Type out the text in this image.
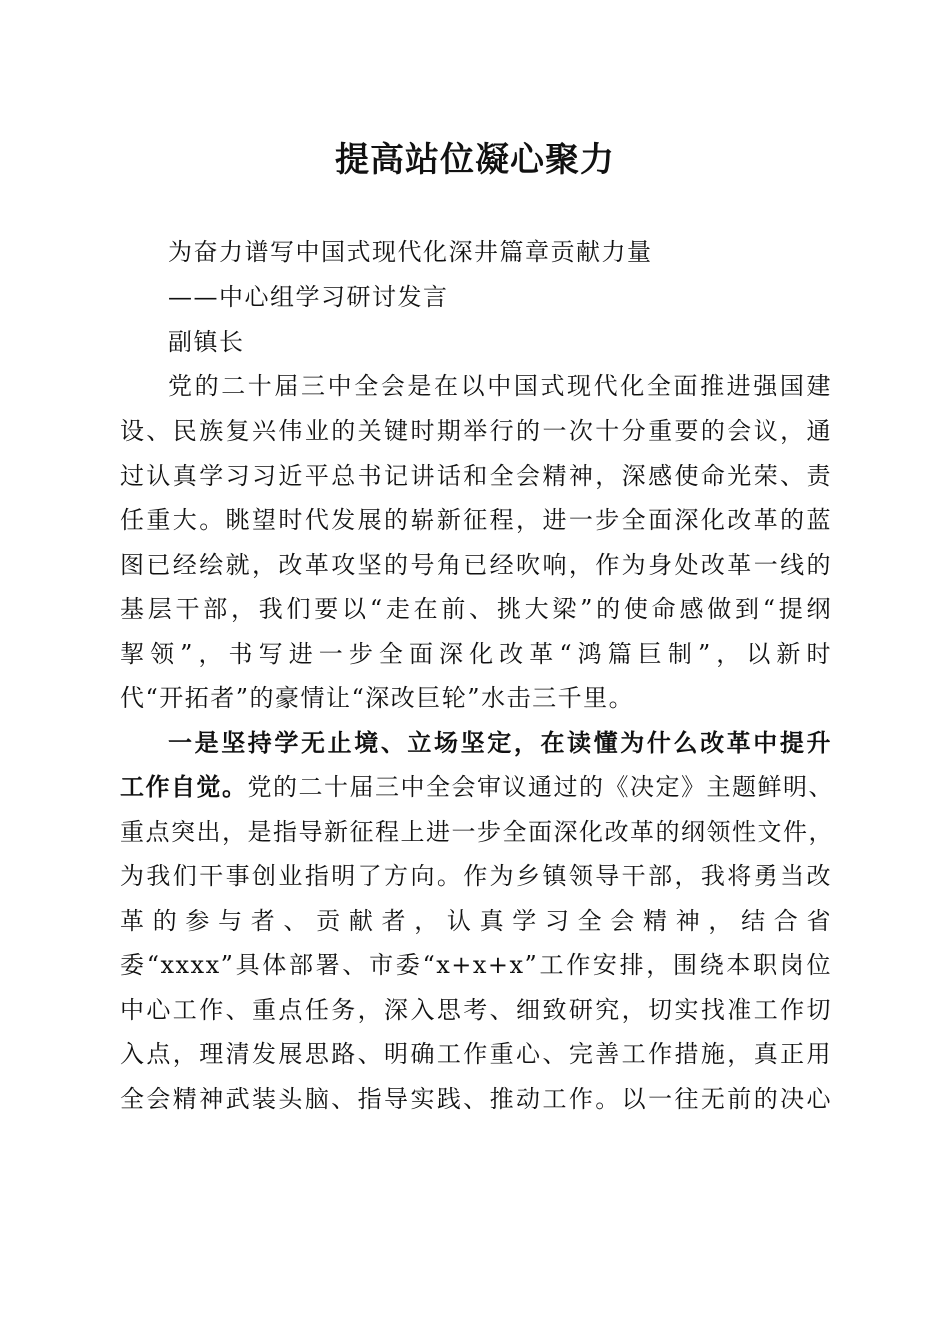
提高站位凝心聚力
为奋力谱写中国式现代化深井篇章贡献力量
——中心组学习研讨发言
副镇长
党的二十届三中全会是在以中国式现代化全面推进强国建
设、民族复兴伟业的关键时期举行的一次十分重要的会议，通
过认真学习习近平总书记讲话和全会精神，深感使命光荣、责
任重大。眺望时代发展的崭新征程，进一步全面深化改革的蓝
图已经绘就，改革攻坚的号角已经吹响，作为身处改革一线的
基层干部，我们要以“走在前、挑大梁”的使命感做到“提纲
挈领”，书写进一步全面深化改革“鸿篇巨制”，以新时
代“开拓者”的豪情让“深改巨轮”水击三千里。
一是坚持学无止境、立场坚定，在读懂为什么改革中提升
工作自觉。党的二十届三中全会审议通过的《决定》主题鲜明、
重点突出，是指导新征程上进一步全面深化改革的纲领性文件，
为我们干事创业指明了方向。作为乡镇领导干部，我将勇当改
革的参与者、贡献者，认真学习全会精神，结合省
委“xxxx”具体部署、市委“x+x+x”工作安排，围绕本职岗位
中心工作、重点任务，深入思考、细致研究，切实找准工作切
入点，理清发展思路、明确工作重心、完善工作措施，真正用
全会精神武装头脑、指导实践、推动工作。以一往无前的决心
